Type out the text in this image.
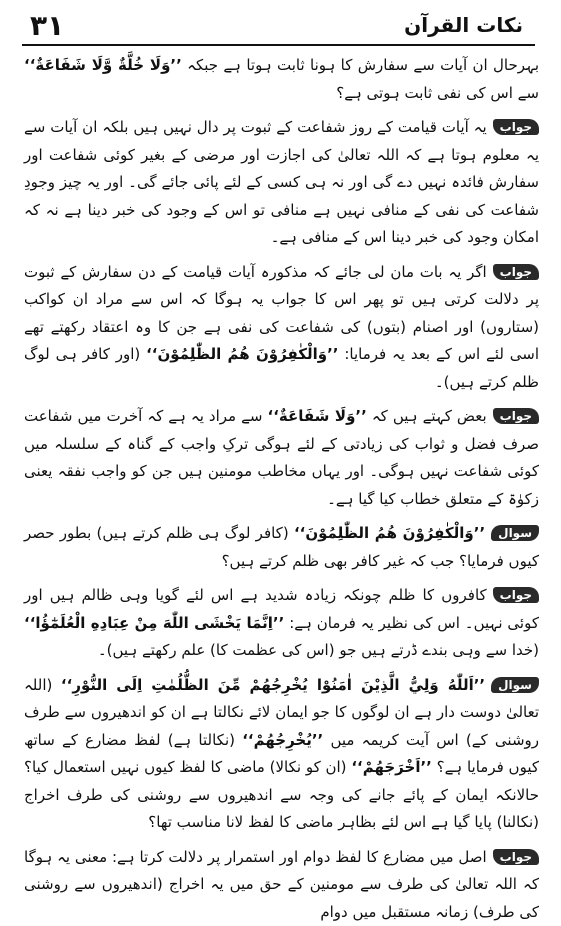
٣١	نکات القرآن

بہرحال ان آیات سے سفارش کا ہونا ثابت ہوتا ہے جبکہ ’’وَلَا خُلَّةٌ وَّلَا شَفَاعَةٌ‘‘ سے اس کی نفی ثابت ہوتی ہے؟

جوابیہ آیات قیامت کے روز شفاعت کے ثبوت پر دال نہیں ہیں بلکہ ان آیات سے یہ معلوم ہوتا ہے کہ اللہ تعالیٰ کی اجازت اور مرضی کے بغیر کوئی شفاعت اور سفارش فائدہ نہیں دے گی اور نہ ہی کسی کے لئے پائی جائے گی۔ اور یہ چیز وجودِ شفاعت کی نفی کے منافی نہیں ہے منافی تو اس کے وجود کی خبر دینا ہے نہ کہ امکان وجود کی خبر دینا اس کے منافی ہے۔

جواباگر یہ بات مان لی جائے کہ مذکورہ آیات قیامت کے دن سفارش کے ثبوت پر دلالت کرتی ہیں تو پھر اس کا جواب یہ ہوگا کہ اس سے مراد ان کواکب (ستاروں) اور اصنام (بتوں) کی شفاعت کی نفی ہے جن کا وہ اعتقاد رکھتے تھے اسی لئے اس کے بعد یہ فرمایا: ’’وَالْكٰفِرُوْنَ هُمُ الظّٰلِمُوْنَ‘‘ (اور کافر ہی لوگ ظلم کرتے ہیں)۔

جواببعض کہتے ہیں کہ ’’وَلَا شَفَاعَةٌ‘‘ سے مراد یہ ہے کہ آخرت میں شفاعت صرف فضل و ثواب کی زیادتی کے لئے ہوگی ترکِ واجب کے گناہ کے سلسلہ میں کوئی شفاعت نہیں ہوگی۔ اور یہاں مخاطب مومنین ہیں جن کو واجب نفقہ یعنی زکوٰۃ کے متعلق خطاب کیا گیا ہے۔

سوال’’وَالْكٰفِرُوْنَ هُمُ الظّٰلِمُوْنَ‘‘ (کافر لوگ ہی ظلم کرتے ہیں) بطور حصر کیوں فرمایا؟ جب کہ غیر کافر بھی ظلم کرتے ہیں؟

جوابکافروں کا ظلم چونکہ زیادہ شدید ہے اس لئے گویا وہی ظالم ہیں اور کوئی نہیں۔ اس کی نظیر یہ فرمان ہے: ’’اِنَّمَا يَخْشَى اللّٰهَ مِنْ عِبَادِهِ الْعُلَمٰٓؤُا‘‘ (خدا سے وہی بندے ڈرتے ہیں جو (اس کی عظمت کا) علم رکھتے ہیں)۔

سوال’’اَللّٰهُ وَلِيُّ الَّذِيْنَ اٰمَنُوْا يُخْرِجُهُمْ مِّنَ الظُّلُمٰتِ اِلَى النُّوْرِ‘‘ (اللہ تعالیٰ دوست دار ہے ان لوگوں کا جو ایمان لائے نکالتا ہے ان کو اندھیروں سے طرف روشنی کے) اس آیت کریمہ میں ’’يُخْرِجُهُمْ‘‘ (نکالتا ہے) لفظ مضارع کے ساتھ کیوں فرمایا ہے؟ ’’اَخْرَجَهُمْ‘‘ (ان کو نکالا) ماضی کا لفظ کیوں نہیں استعمال کیا؟ حالانکہ ایمان کے پائے جانے کی وجہ سے اندھیروں سے روشنی کی طرف اخراج (نکالنا) پایا گیا ہے اس لئے بظاہر ماضی کا لفظ لانا مناسب تھا؟

جواباصل میں مضارع کا لفظ دوام اور استمرار پر دلالت کرتا ہے: معنی یہ ہوگا کہ اللہ تعالیٰ کی طرف سے مومنین کے حق میں یہ اخراج (اندھیروں سے روشنی کی طرف) زمانہ مستقبل میں دوام
